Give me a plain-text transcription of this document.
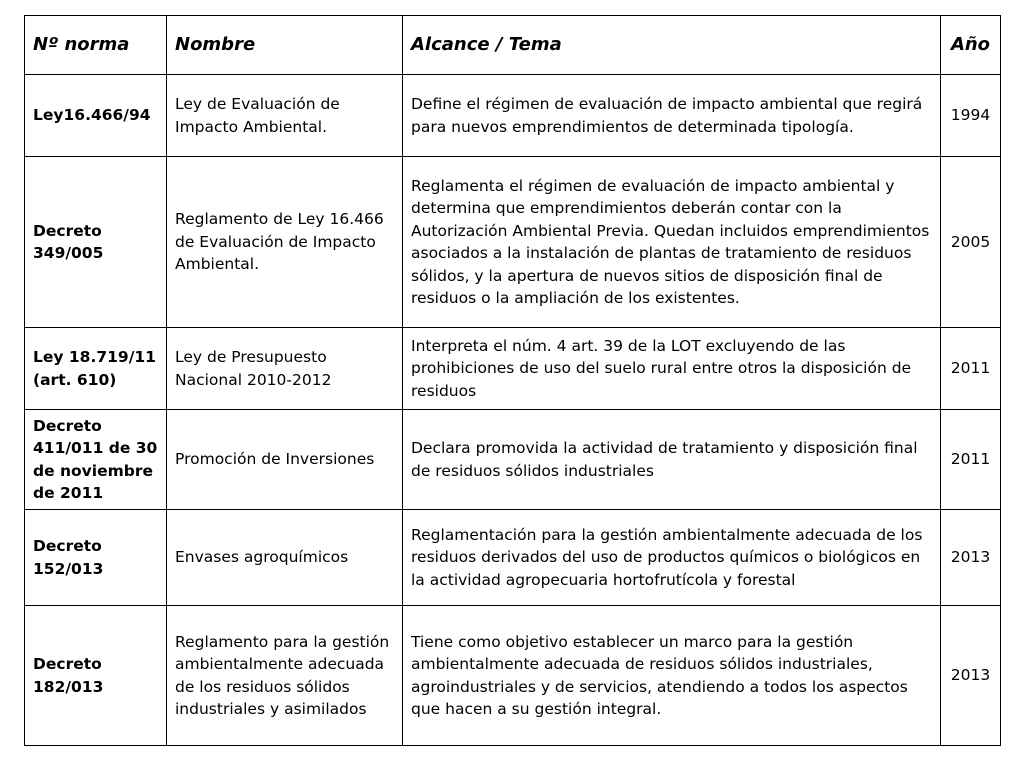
Nº norma	Nombre	Alcance / Tema	Año
Ley16.466/94	Ley de Evaluación de Impacto Ambiental.	Define el régimen de evaluación de impacto ambiental que regirá para nuevos emprendimientos de determinada tipología.	1994
Decreto 349/005	Reglamento de Ley 16.466 de Evaluación de Impacto Ambiental.	Reglamenta el régimen de evaluación de impacto ambiental y determina que emprendimientos deberán contar con la Autorización Ambiental Previa. Quedan incluidos emprendimientos asociados a la instalación de plantas de tratamiento de residuos sólidos, y la apertura de nuevos sitios de disposición final de residuos o la ampliación de los existentes.	2005
Ley 18.719/11 (art. 610)	Ley de Presupuesto Nacional 2010-2012	Interpreta el núm. 4 art. 39 de la LOT excluyendo de las prohibiciones de uso del suelo rural entre otros la disposición de residuos	2011
Decreto 411/011 de 30 de noviembre de 2011	Promoción de Inversiones	Declara promovida la actividad de tratamiento y disposición final de residuos sólidos industriales	2011
Decreto 152/013	Envases agroquímicos	Reglamentación para la gestión ambientalmente adecuada de los residuos derivados del uso de productos químicos o biológicos en la actividad agropecuaria hortofrutícola y forestal	2013
Decreto 182/013	Reglamento para la gestión ambientalmente adecuada de los residuos sólidos industriales y asimilados	Tiene como objetivo establecer un marco para la gestión ambientalmente adecuada de residuos sólidos industriales, agroindustriales y de servicios, atendiendo a todos los aspectos que hacen a su gestión integral.	2013
